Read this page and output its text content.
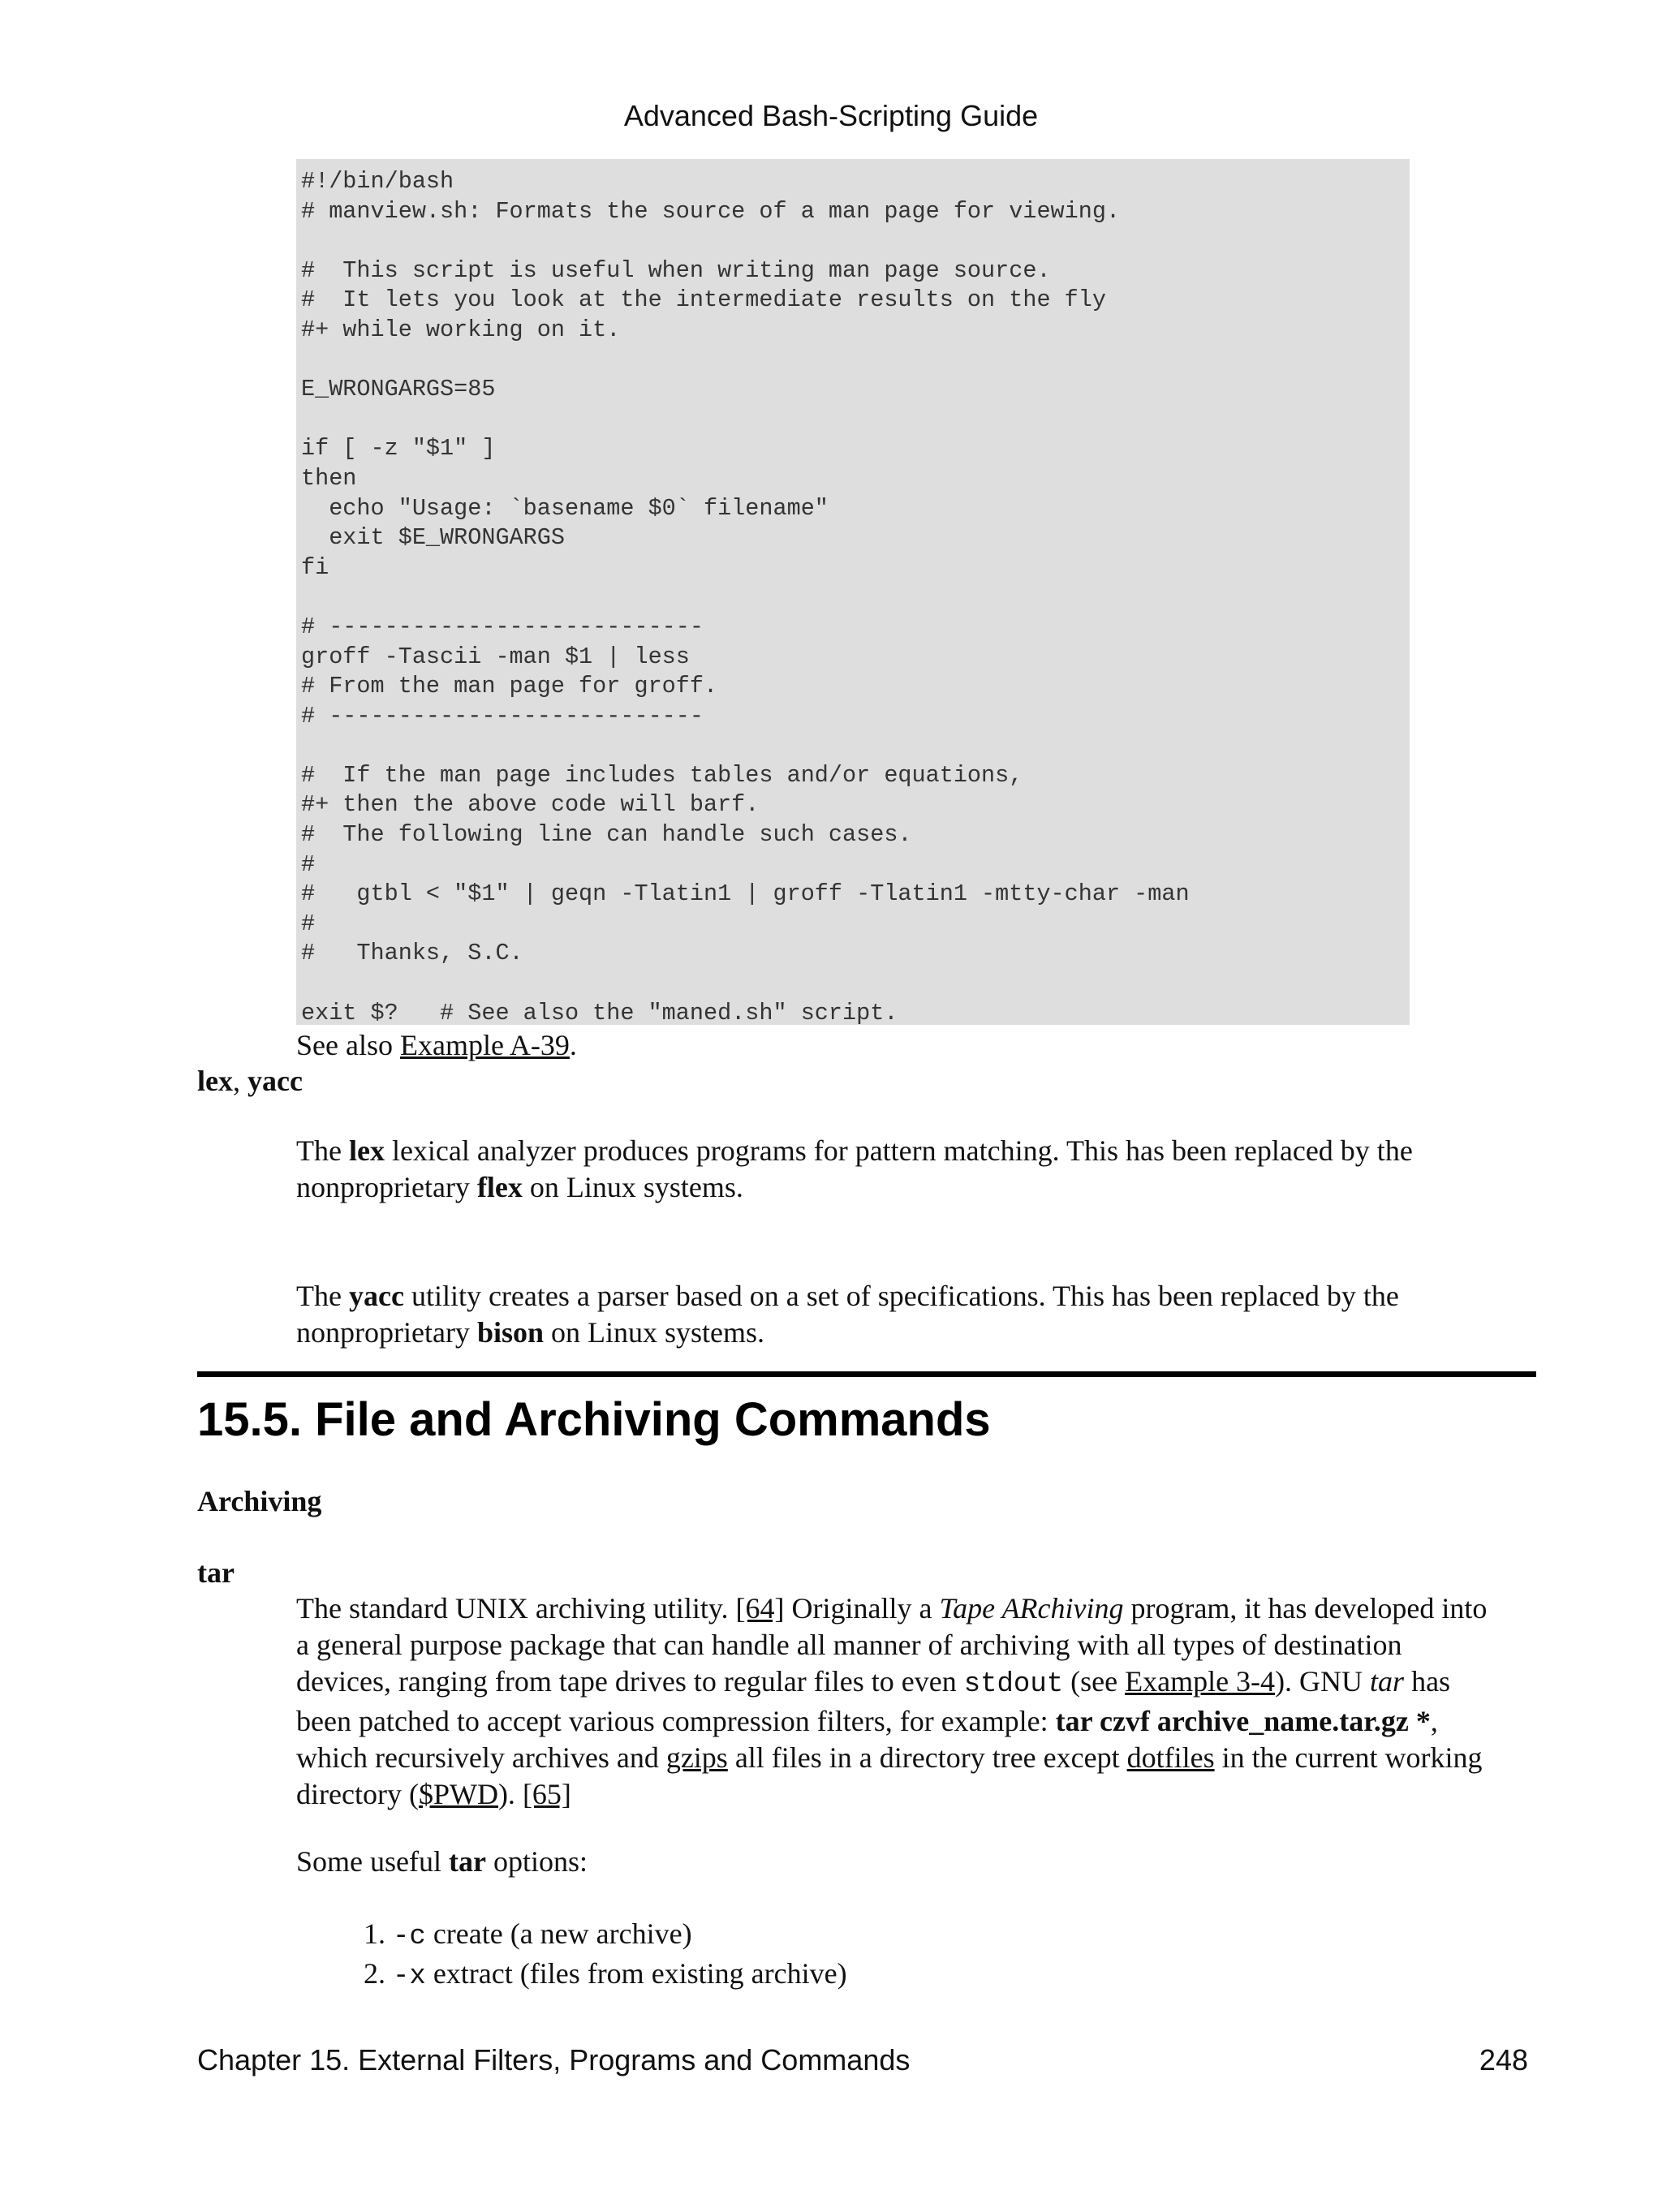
Advanced Bash-Scripting Guide
#!/bin/bash
# manview.sh: Formats the source of a man page for viewing.
#  This script is useful when writing man page source.
#  It lets you look at the intermediate results on the fly
#+ while working on it.
E_WRONGARGS=85
if [ -z "$1" ]
then
echo "Usage: `basename $0` filename"
exit $E_WRONGARGS
fi
# ---------------------------
groff -Tascii -man $1 | less
# From the man page for groff.
# ---------------------------
#  If the man page includes tables and/or equations,
#+ then the above code will barf.
#  The following line can handle such cases.
#
#   gtbl < "$1" | geqn -Tlatin1 | groff -Tlatin1 -mtty-char -man
#
#   Thanks, S.C.
exit $?   # See also the "maned.sh" script.
See also Example A-39.
lex, yacc
The lex lexical analyzer produces programs for pattern matching. This has been replaced by the
nonproprietary flex on Linux systems.
The yacc utility creates a parser based on a set of specifications. This has been replaced by the
nonproprietary bison on Linux systems.
15.5. File and Archiving Commands
Archiving
tar
The standard UNIX archiving utility. [64] Originally a Tape ARchiving program, it has developed into
a general purpose package that can handle all manner of archiving with all types of destination
devices, ranging from tape drives to regular files to even stdout (see Example 3-4). GNU tar has
been patched to accept various compression filters, for example: tar czvf archive_name.tar.gz *,
which recursively archives and gzips all files in a directory tree except dotfiles in the current working
directory ($PWD). [65]
Some useful tar options:
1. -c create (a new archive)
2. -x extract (files from existing archive)
Chapter 15. External Filters, Programs and Commands	248
